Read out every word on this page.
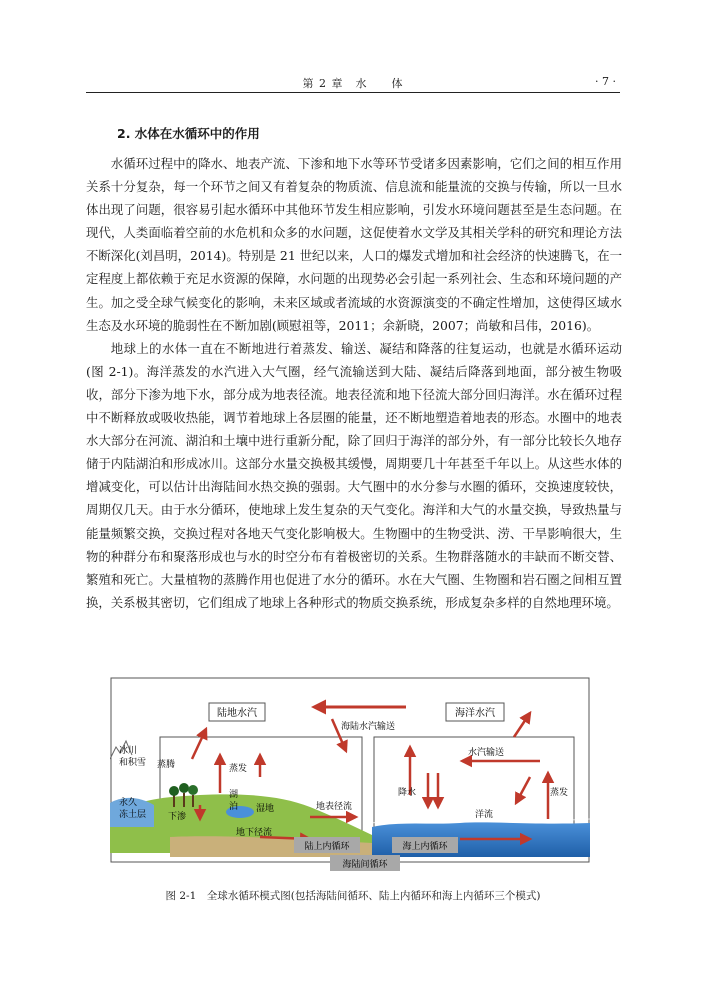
第 2 章　水　　体	· 7 ·
2. 水体在水循环中的作用

水循环过程中的降水、地表产流、下渗和地下水等环节受诸多因素影响，它们之间的相互作用关系十分复杂，每一个环节之间又有着复杂的物质流、信息流和能量流的交换与传输，所以一旦水体出现了问题，很容易引起水循环中其他环节发生相应影响，引发水环境问题甚至是生态问题。在现代，人类面临着空前的水危机和众多的水问题，这促使着水文学及其相关学科的研究和理论方法不断深化(刘昌明，2014)。特别是 21 世纪以来，人口的爆发式增加和社会经济的快速腾飞，在一定程度上都依赖于充足水资源的保障，水问题的出现势必会引起一系列社会、生态和环境问题的产生。加之受全球气候变化的影响，未来区域或者流域的水资源演变的不确定性增加，这使得区域水生态及水环境的脆弱性在不断加剧(顾慰祖等，2011；余新晓，2007；尚敏和吕伟，2016)。

地球上的水体一直在不断地进行着蒸发、输送、凝结和降落的往复运动，也就是水循环运动(图 2-1)。海洋蒸发的水汽进入大气圈，经气流输送到大陆、凝结后降落到地面，部分被生物吸收，部分下渗为地下水，部分成为地表径流。地表径流和地下径流大部分回归海洋。水在循环过程中不断释放或吸收热能，调节着地球上各层圈的能量，还不断地塑造着地表的形态。水圈中的地表水大部分在河流、湖泊和土壤中进行重新分配，除了回归于海洋的部分外，有一部分比较长久地存储于内陆湖泊和形成冰川。这部分水量交换极其缓慢，周期要几十年甚至千年以上。从这些水体的增减变化，可以估计出海陆间水热交换的强弱。大气圈中的水分参与水圈的循环，交换速度较快，周期仅几天。由于水分循环，使地球上发生复杂的天气变化。海洋和大气的水量交换，导致热量与能量频繁交换，交换过程对各地天气变化影响极大。生物圈中的生物受洪、涝、干旱影响很大，生物的种群分布和聚落形成也与水的时空分布有着极密切的关系。生物群落随水的丰缺而不断交替、繁殖和死亡。大量植物的蒸腾作用也促进了水分的循环。水在大气圈、生物圈和岩石圈之间相互置换，关系极其密切，它们组成了地球上各种形式的物质交换系统，形成复杂多样的自然地理环境。

陆地水汽	海洋水汽
海陆水汽输送
冰川
和积雪 蒸腾	蒸发
湖
泊 湿地	地表径流
永久
冻土层 下渗
地下径流
降水
水汽输送
蒸发
洋流
陆上内循环	海上内循环
海陆间循环
图 2-1　全球水循环模式图(包括海陆间循环、陆上内循环和海上内循环三个模式)
